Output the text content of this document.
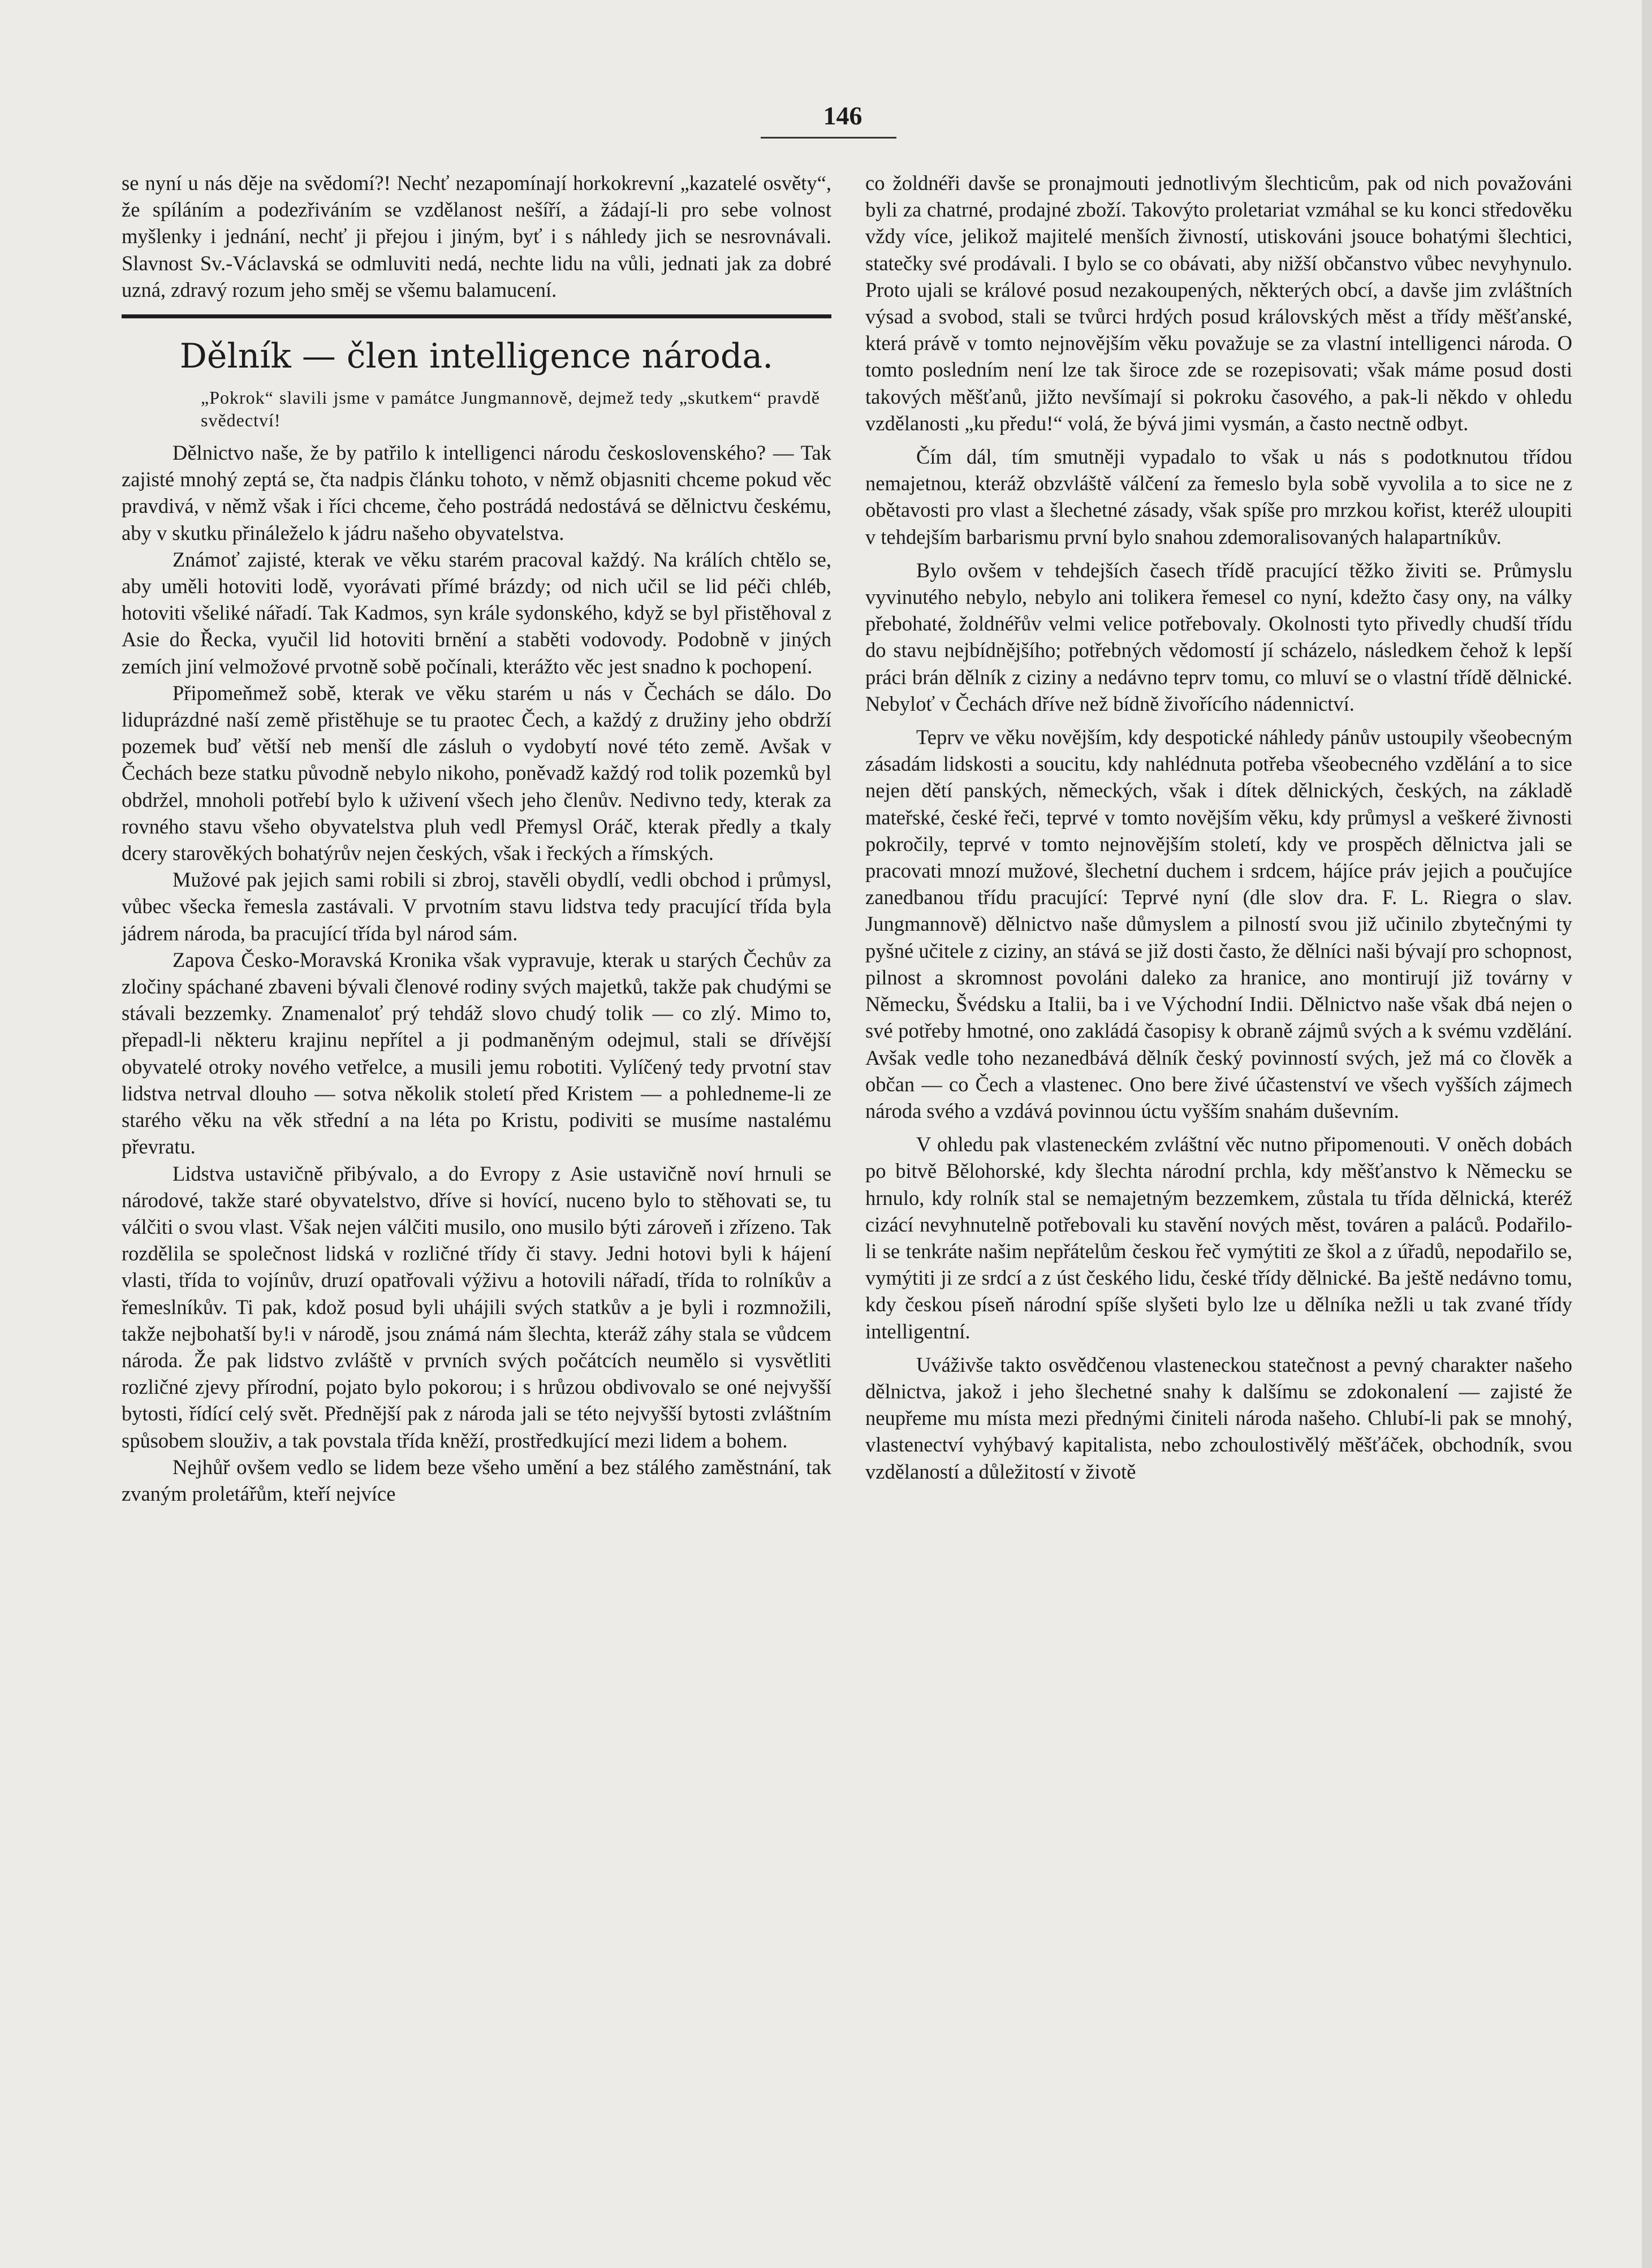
146

se nyní u nás děje na svědomí?! Nechť nezapomínají horkokrevní „kazatelé osvěty“, že spíláním a podezřiváním se vzdělanost nešíří, a žádají-li pro sebe volnost myšlenky i jednání, nechť ji přejou i jiným, byť i s náhledy jich se nesrovnávali. Slavnost Sv.-Václavská se odmluviti nedá, nechte lidu na vůli, jednati jak za dobré uzná, zdravý rozum jeho směj se všemu balamucení.

Dělník — člen intelligence národa.
„Pokrok“ slavili jsme v památce Jungmannově, dejmež tedy „skutkem“ pravdě svědectví!

Dělnictvo naše, že by patřilo k intelligenci národu československého? — Tak zajisté mnohý zeptá se, čta nadpis článku tohoto, v němž objasniti chceme pokud věc pravdivá, v němž však i říci chceme, čeho postrádá nedostává se dělnictvu českému, aby v skutku přináleželo k jádru našeho obyvatelstva.

Známoť zajisté, kterak ve věku starém pracoval každý. Na králích chtělo se, aby uměli hotoviti lodě, vyorávati přímé brázdy; od nich učil se lid péči chléb, hotoviti všeliké nářadí. Tak Kadmos, syn krále sydonského, když se byl přistěhoval z Asie do Řecka, vyučil lid hotoviti brnění a staběti vodovody. Podobně v jiných zemích jiní velmožové prvotně sobě počínali, kterážto věc jest snadno k pochopení.

Připomeňmež sobě, kterak ve věku starém u nás v Čechách se dálo. Do liduprázdné naší země přistěhuje se tu praotec Čech, a každý z družiny jeho obdrží pozemek buď větší neb menší dle zásluh o vydobytí nové této země. Avšak v Čechách beze statku původně nebylo nikoho, poněvadž každý rod tolik pozemků byl obdržel, mnoholi potřebí bylo k uživení všech jeho členův. Nedivno tedy, kterak za rovného stavu všeho obyvatelstva pluh vedl Přemysl Oráč, kterak předly a tkaly dcery starověkých bohatýrův nejen českých, však i řeckých a římských.

Mužové pak jejich sami robili si zbroj, stavěli obydlí, vedli obchod i průmysl, vůbec všecka řemesla zastávali. V prvotním stavu lidstva tedy pracující třída byla jádrem národa, ba pracující třída byl národ sám.

Zapova Česko-Moravská Kronika však vypravuje, kterak u starých Čechův za zločiny spáchané zbaveni bývali členové rodiny svých majetků, takže pak chudými se stávali bezzemky. Znamenaloť prý tehdáž slovo chudý tolik — co zlý. Mimo to, přepadl-li některu krajinu nepřítel a ji podmaněným odejmul, stali se dřívější obyvatelé otroky nového vetřelce, a musili jemu robotiti. Vylíčený tedy prvotní stav lidstva netrval dlouho — sotva několik století před Kristem — a pohledneme-li ze starého věku na věk střední a na léta po Kristu, podiviti se musíme nastalému převratu.

Lidstva ustavičně přibývalo, a do Evropy z Asie ustavičně noví hrnuli se národové, takže staré obyvatelstvo, dříve si hovící, nuceno bylo to stěhovati se, tu válčiti o svou vlast. Však nejen válčiti musilo, ono musilo býti zároveň i zřízeno. Tak rozdělila se společnost lidská v rozličné třídy či stavy. Jedni hotovi byli k hájení vlasti, třída to vojínův, druzí opatřovali výživu a hotovili nářadí, třída to rolníkův a řemeslníkův. Ti pak, kdož posud byli uhájili svých statkův a je byli i rozmnožili, takže nejbohatší by!i v národě, jsou známá nám šlechta, kteráž záhy stala se vůdcem národa. Že pak lidstvo zvláště v prvních svých počátcích neumělo si vysvětliti rozličné zjevy přírodní, pojato bylo pokorou; i s hrůzou obdivovalo se oné nejvyšší bytosti, řídící celý svět. Přednější pak z národa jali se této nejvyšší bytosti zvláštním spůsobem slouživ, a tak povstala třída kněží, prostředkující mezi lidem a bohem.

Nejhůř ovšem vedlo se lidem beze všeho umění a bez stálého zaměstnání, tak zvaným proletářům, kteří nejvíce

co žoldnéři davše se pronajmouti jednotlivým šlechticům, pak od nich považováni byli za chatrné, prodajné zboží. Takovýto proletariat vzmáhal se ku konci středověku vždy více, jelikož majitelé menších živností, utiskováni jsouce bohatými šlechtici, statečky své prodávali. I bylo se co obávati, aby nižší občanstvo vůbec nevyhynulo. Proto ujali se králové posud nezakoupených, některých obcí, a davše jim zvláštních výsad a svobod, stali se tvůrci hrdých posud královských měst a třídy měšťanské, která právě v tomto nejnovějším věku považuje se za vlastní intelligenci národa. O tomto posledním není lze tak široce zde se rozepisovati; však máme posud dosti takových měšťanů, jižto nevšímají si pokroku časového, a pak-li někdo v ohledu vzdělanosti „ku předu!“ volá, že bývá jimi vysmán, a často nectně odbyt.

Čím dál, tím smutněji vypadalo to však u nás s podotknutou třídou nemajetnou, kteráž obzvláště válčení za řemeslo byla sobě vyvolila a to sice ne z obětavosti pro vlast a šlechetné zásady, však spíše pro mrzkou kořist, kteréž uloupiti v tehdejším barbarismu první bylo snahou zdemoralisovaných halapartníkův.

Bylo ovšem v tehdejších časech třídě pracující těžko živiti se. Průmyslu vyvinutého nebylo, nebylo ani tolikera řemesel co nyní, kdežto časy ony, na války přebohaté, žoldnéřův velmi velice potřebovaly. Okolnosti tyto přivedly chudší třídu do stavu nejbídnějšího; potřebných vědomostí jí scházelo, následkem čehož k lepší práci brán dělník z ciziny a nedávno teprv tomu, co mluví se o vlastní třídě dělnické. Nebyloť v Čechách dříve než bídně živořícího nádennictví.

Teprv ve věku novějším, kdy despotické náhledy pánův ustoupily všeobecným zásadám lidskosti a soucitu, kdy nahlédnuta potřeba všeobecného vzdělání a to sice nejen dětí panských, německých, však i dítek dělnických, českých, na základě mateřské, české řeči, teprvé v tomto novějším věku, kdy průmysl a veškeré živnosti pokročily, teprvé v tomto nejnovějším století, kdy ve prospěch dělnictva jali se pracovati mnozí mužové, šlechetní duchem i srdcem, hájíce práv jejich a poučujíce zanedbanou třídu pracující: Teprvé nyní (dle slov dra. F. L. Riegra o slav. Jungmannově) dělnictvo naše důmyslem a pilností svou již učinilo zbytečnými ty pyšné učitele z ciziny, an stává se již dosti často, že dělníci naši bývají pro schopnost, pilnost a skromnost povoláni daleko za hranice, ano montirují již továrny v Německu, Švédsku a Italii, ba i ve Východní Indii. Dělnictvo naše však dbá nejen o své potřeby hmotné, ono zakládá časopisy k obraně zájmů svých a k svému vzdělání. Avšak vedle toho nezanedbává dělník český povinností svých, jež má co člověk a občan — co Čech a vlastenec. Ono bere živé účastenství ve všech vyšších zájmech národa svého a vzdává povinnou úctu vyšším snahám duševním.

V ohledu pak vlasteneckém zvláštní věc nutno připomenouti. V oněch dobách po bitvě Bělohorské, kdy šlechta národní prchla, kdy měšťanstvo k Německu se hrnulo, kdy rolník stal se nemajetným bezzemkem, zůstala tu třída dělnická, kteréž cizácí nevyhnutelně potřebovali ku stavění nových měst, továren a paláců. Podařilo-li se tenkráte našim nepřátelům českou řeč vymýtiti ze škol a z úřadů, nepodařilo se, vymýtiti ji ze srdcí a z úst českého lidu, české třídy dělnické. Ba ještě nedávno tomu, kdy českou píseň národní spíše slyšeti bylo lze u dělníka nežli u tak zvané třídy intelligentní.

Uváživše takto osvědčenou vlasteneckou statečnost a pevný charakter našeho dělnictva, jakož i jeho šlechetné snahy k dalšímu se zdokonalení — zajisté že neupřeme mu místa mezi přednými činiteli národa našeho. Chlubí-li pak se mnohý, vlastenectví vyhýbavý kapitalista, nebo zchoulostivělý měšťáček, obchodník, svou vzdělaností a důležitostí v životě
